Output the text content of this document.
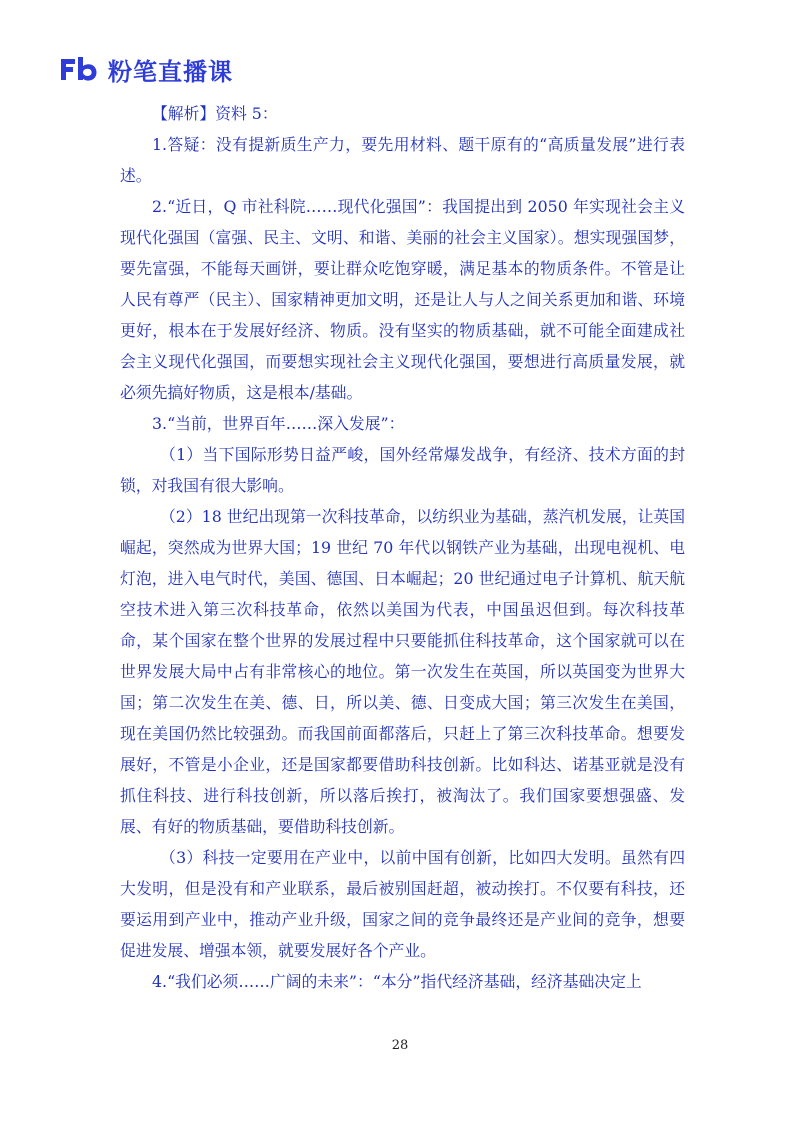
粉笔直播课

【解析】资料 5：

1.答疑：没有提新质生产力，要先用材料、题干原有的“高质量发展”进行表述。

2.“近日，Q 市社科院……现代化强国”：我国提出到 2050 年实现社会主义现代化强国（富强、民主、文明、和谐、美丽的社会主义国家）。想实现强国梦，要先富强，不能每天画饼，要让群众吃饱穿暖，满足基本的物质条件。不管是让人民有尊严（民主）、国家精神更加文明，还是让人与人之间关系更加和谐、环境更好，根本在于发展好经济、物质。没有坚实的物质基础，就不可能全面建成社会主义现代化强国，而要想实现社会主义现代化强国，要想进行高质量发展，就必须先搞好物质，这是根本/基础。

3.“当前，世界百年……深入发展”：

（1）当下国际形势日益严峻，国外经常爆发战争，有经济、技术方面的封锁，对我国有很大影响。

（2）18 世纪出现第一次科技革命，以纺织业为基础，蒸汽机发展，让英国崛起，突然成为世界大国；19 世纪 70 年代以钢铁产业为基础，出现电视机、电灯泡，进入电气时代，美国、德国、日本崛起；20 世纪通过电子计算机、航天航空技术进入第三次科技革命，依然以美国为代表，中国虽迟但到。每次科技革命，某个国家在整个世界的发展过程中只要能抓住科技革命，这个国家就可以在世界发展大局中占有非常核心的地位。第一次发生在英国，所以英国变为世界大国；第二次发生在美、德、日，所以美、德、日变成大国；第三次发生在美国，现在美国仍然比较强劲。而我国前面都落后，只赶上了第三次科技革命。想要发展好，不管是小企业，还是国家都要借助科技创新。比如科达、诺基亚就是没有抓住科技、进行科技创新，所以落后挨打，被淘汰了。我们国家要想强盛、发展、有好的物质基础，要借助科技创新。

（3）科技一定要用在产业中，以前中国有创新，比如四大发明。虽然有四大发明，但是没有和产业联系，最后被别国赶超，被动挨打。不仅要有科技，还要运用到产业中，推动产业升级，国家之间的竞争最终还是产业间的竞争，想要促进发展、增强本领，就要发展好各个产业。

4.“我们必须……广阔的未来”：“本分”指代经济基础，经济基础决定上

28
